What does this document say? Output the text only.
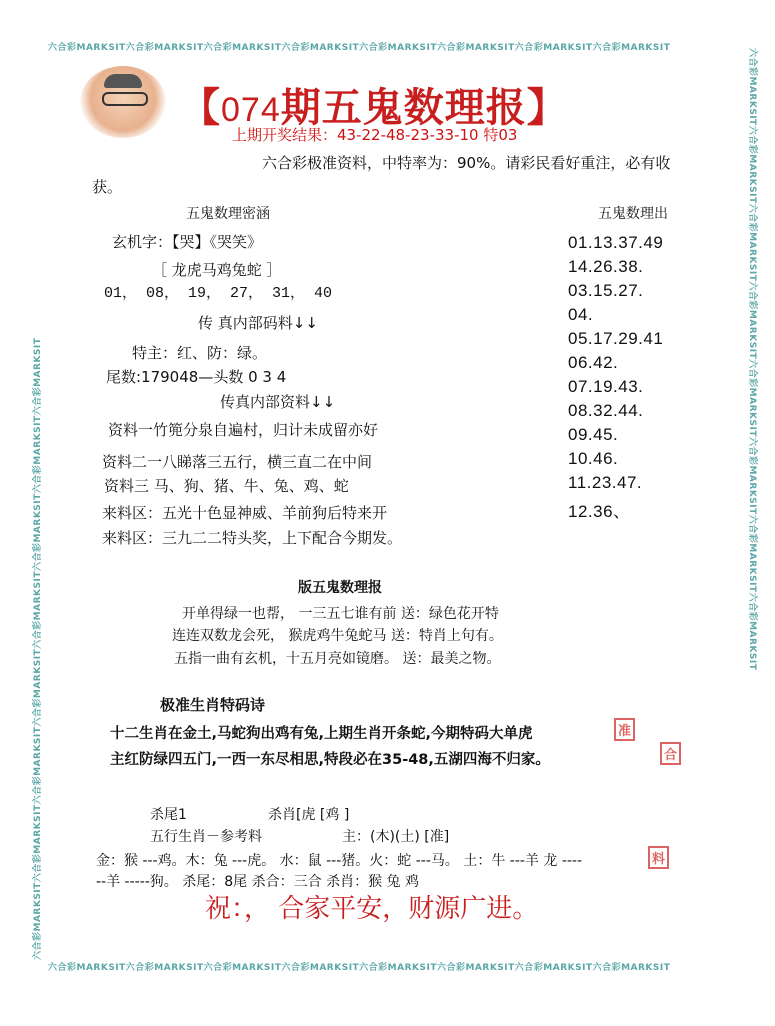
六合彩MARKSIT六合彩MARKSIT六合彩MARKSIT六合彩MARKSIT六合彩MARKSIT六合彩MARKSIT六合彩MARKSIT六合彩MARKSIT
六合彩MARKSIT六合彩MARKSIT六合彩MARKSIT六合彩MARKSIT六合彩MARKSIT六合彩MARKSIT六合彩MARKSIT六合彩MARKSIT
六合彩MARKSIT六合彩MARKSIT六合彩MARKSIT六合彩MARKSIT六合彩MARKSIT六合彩MARKSIT六合彩MARKSIT六合彩MARKSIT	六合彩MARKSIT六合彩MARKSIT六合彩MARKSIT六合彩MARKSIT六合彩MARKSIT六合彩MARKSIT六合彩MARKSIT六合彩MARKSIT
【074期五鬼数理报】
上期开奖结果：43-22-48-23-33-10 特03
六合彩极准资料，中特率为：90%。请彩民看好重注，必有收
获。
五鬼数理密涵	五鬼数理出
玄机字：【哭】《哭笑》
［ 龙虎马鸡兔蛇 ］
01， 08， 19， 27， 31， 40
传 真内部码料↓↓
特主：红、防：绿。
尾数:179048—头数 0 3 4
传真内部资料↓↓
资料一竹篼分泉自遍村，归计未成留亦好
资料二一八睇落三五行，横三直二在中间
资料三 马、狗、猪、牛、兔、鸡、蛇
来料区：五光十色显神威、羊前狗后特来开
来料区：三九二二特头奖，上下配合今期发。
01.13.37.49
14.26.38.
03.15.27.
04.
05.17.29.41
06.42.
07.19.43.
08.32.44.
09.45.
10.46.
11.23.47.
12.36、
版五鬼数理报
开单得绿一也帮， 一三五七谁有前 送：绿色花开特
连连双数龙会死， 猴虎鸡牛兔蛇马 送：特肖上句有。
五指一曲有玄机，十五月亮如镜磨。 送：最美之物。
极准生肖特码诗
十二生肖在金土,马蛇狗出鸡有兔,上期生肖开条蛇,今期特码大单虎
主红防绿四五门,一西一东尽相思,特段必在35-48,五湖四海不归家。
准
合
料
杀尾1	杀肖[虎 [鸡 ]
五行生肖－参考料	主：(木)(土) [准]
金：猴 ---鸡。木：兔 ---虎。 水：鼠 ---猪。火：蛇 ---马。 土：牛 ---羊 龙 ----
--羊 -----狗。 杀尾：8尾 杀合：三合 杀肖：猴 兔 鸡
祝：， 合家平安，财源广进。
